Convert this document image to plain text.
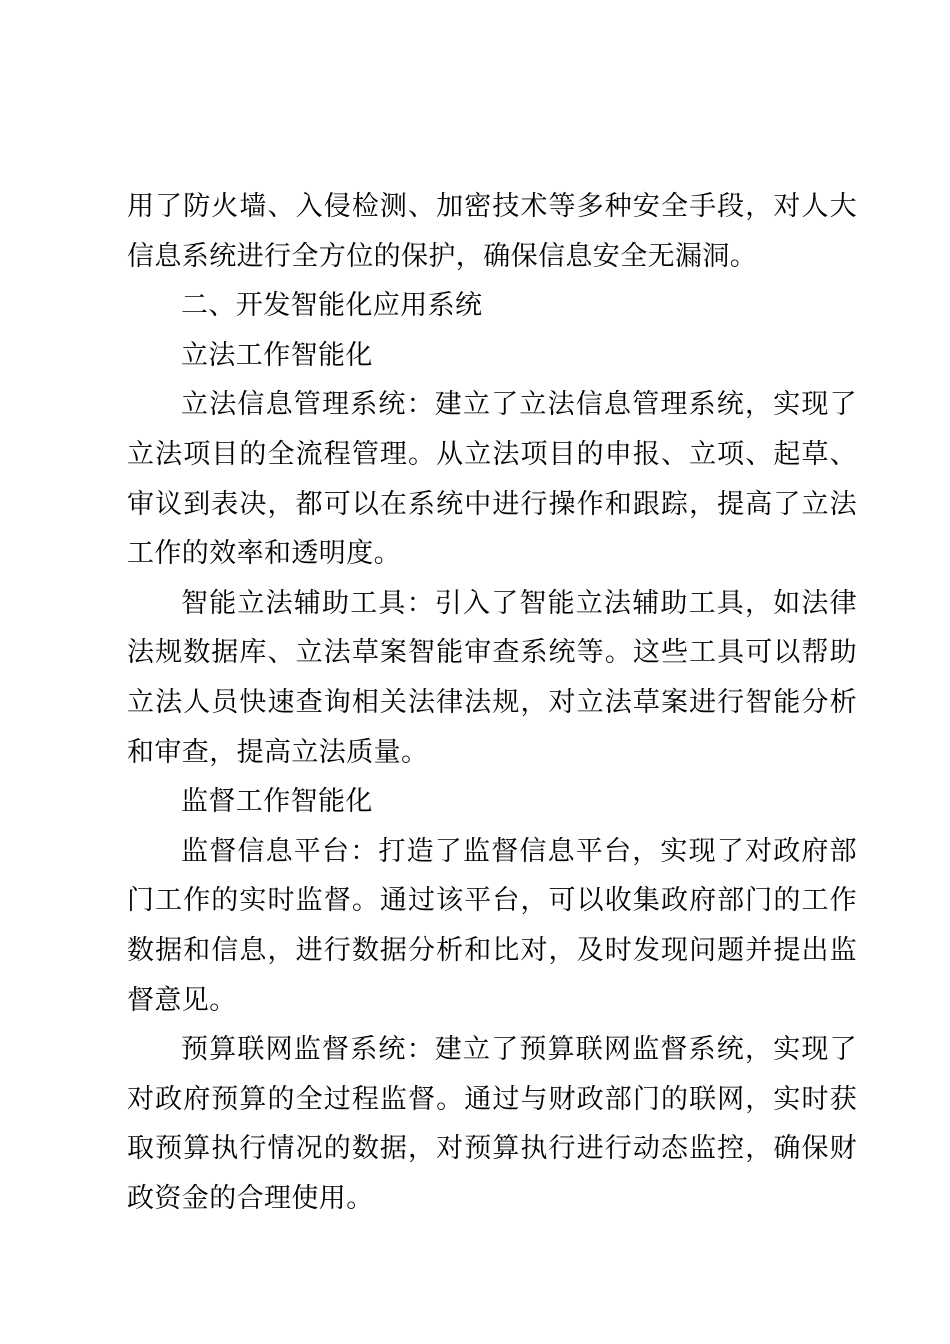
用了防火墙、入侵检测、加密技术等多种安全手段，对人大信息系统进行全方位的保护，确保信息安全无漏洞。

二、开发智能化应用系统

立法工作智能化

立法信息管理系统：建立了立法信息管理系统，实现了立法项目的全流程管理。从立法项目的申报、立项、起草、审议到表决，都可以在系统中进行操作和跟踪，提高了立法工作的效率和透明度。

智能立法辅助工具：引入了智能立法辅助工具，如法律法规数据库、立法草案智能审查系统等。这些工具可以帮助立法人员快速查询相关法律法规，对立法草案进行智能分析和审查，提高立法质量。

监督工作智能化

监督信息平台：打造了监督信息平台，实现了对政府部门工作的实时监督。通过该平台，可以收集政府部门的工作数据和信息，进行数据分析和比对，及时发现问题并提出监督意见。

预算联网监督系统：建立了预算联网监督系统，实现了对政府预算的全过程监督。通过与财政部门的联网，实时获取预算执行情况的数据，对预算执行进行动态监控，确保财政资金的合理使用。
